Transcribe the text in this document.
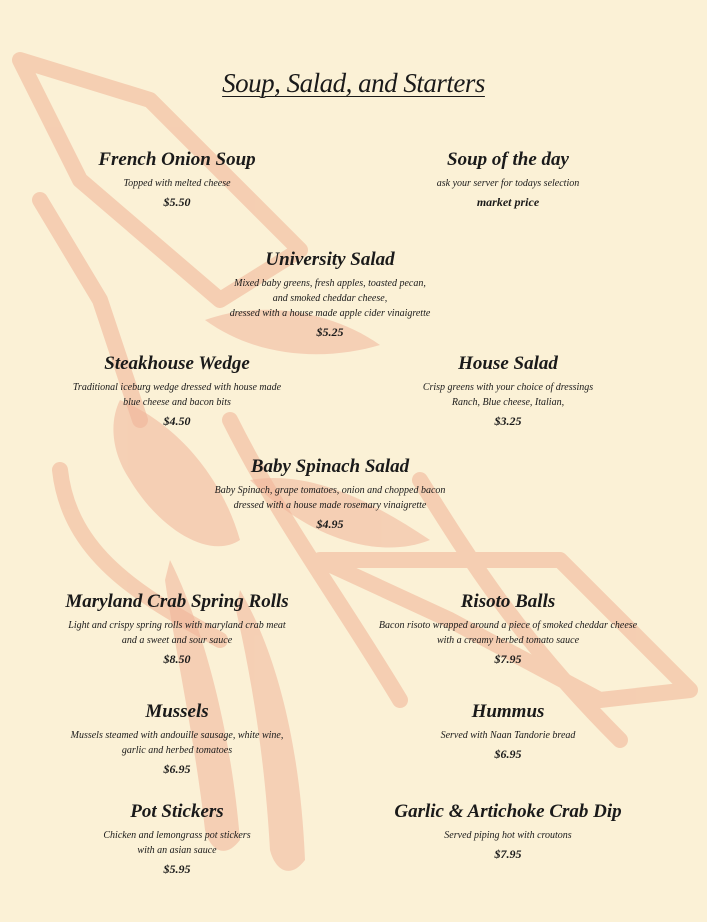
Soup, Salad, and Starters
French Onion Soup
Topped with melted cheese
$5.50
Soup of the day
ask your server for todays selection
market price
University Salad
Mixed baby greens, fresh apples, toasted pecan,
and smoked cheddar cheese,
dressed with a house made apple cider vinaigrette
$5.25
Steakhouse Wedge
Traditional iceburg wedge dressed with house made
blue cheese and bacon bits
$4.50
House Salad
Crisp greens with your choice of dressings
Ranch, Blue cheese, Italian,
$3.25
Baby Spinach Salad
Baby Spinach, grape tomatoes, onion and chopped bacon
dressed with a house made rosemary vinaigrette
$4.95
Maryland Crab Spring Rolls
Light and crispy spring rolls with maryland crab meat
and a sweet and sour sauce
$8.50
Risoto Balls
Bacon risoto wrapped around a piece of smoked cheddar cheese
with a creamy herbed tomato sauce
$7.95
Mussels
Mussels steamed with andouille sausage, white wine,
garlic and herbed tomatoes
$6.95
Hummus
Served with Naan Tandorie bread
$6.95
Pot Stickers
Chicken and lemongrass pot stickers
with an asian sauce
$5.95
Garlic & Artichoke Crab Dip
Served piping hot with croutons
$7.95
